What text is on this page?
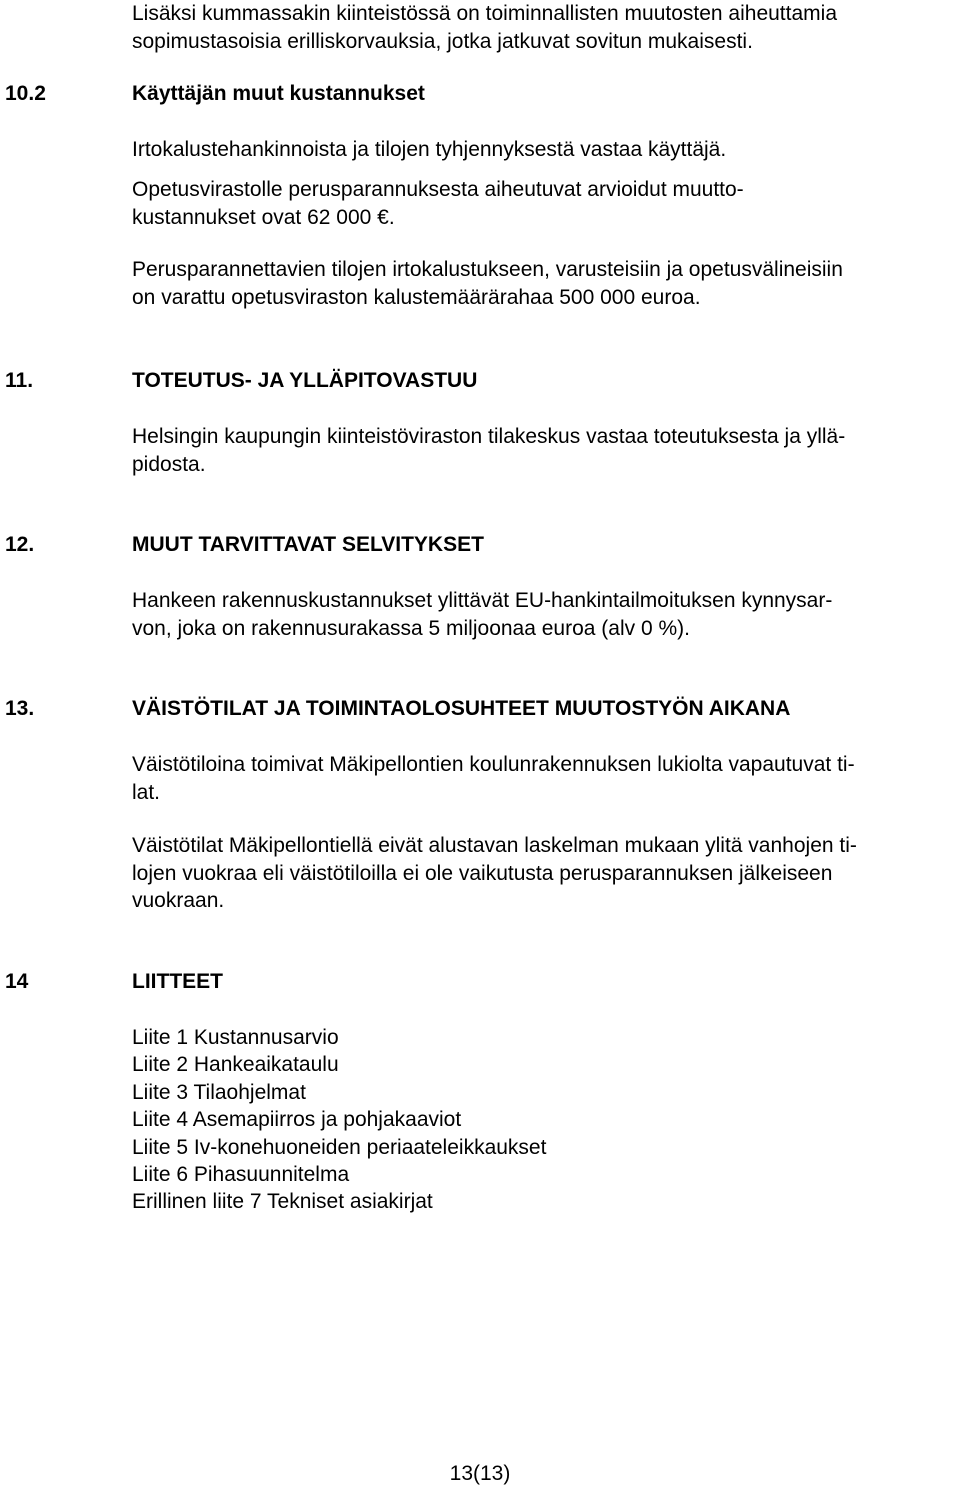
Lisäksi kummassakin kiinteistössä on toiminnallisten muutosten aiheuttamia
sopimustasoisia erilliskorvauksia, jotka jatkuvat sovitun mukaisesti.

10.2	Käyttäjän muut kustannukset

Irtokalustehankinnoista ja tilojen tyhjennyksestä vastaa käyttäjä.

Opetusvirastolle perusparannuksesta aiheutuvat arvioidut muutto-
kustannukset ovat 62 000 €.

Perusparannettavien tilojen irtokalustukseen, varusteisiin ja opetusvälineisiin
on varattu opetusviraston kalustemäärärahaa 500 000 euroa.

11.	TOTEUTUS- JA YLLÄPITOVASTUU

Helsingin kaupungin kiinteistöviraston tilakeskus vastaa toteutuksesta ja yllä-
pidosta.

12.	MUUT TARVITTAVAT SELVITYKSET

Hankeen rakennuskustannukset ylittävät EU-hankintailmoituksen kynnysar-
von, joka on rakennusurakassa 5 miljoonaa euroa (alv 0 %).

13.	VÄISTÖTILAT JA TOIMINTAOLOSUHTEET MUUTOSTYÖN AIKANA

Väistötiloina toimivat Mäkipellontien koulunrakennuksen lukiolta vapautuvat ti-
lat.

Väistötilat Mäkipellontiellä eivät alustavan laskelman mukaan ylitä vanhojen ti-
lojen vuokraa eli väistötiloilla ei ole vaikutusta perusparannuksen jälkeiseen
vuokraan.

14	LIITTEET
Liite 1 Kustannusarvio
Liite 2 Hankeaikataulu
Liite 3 Tilaohjelmat
Liite 4 Asemapiirros ja pohjakaaviot
Liite 5 Iv-konehuoneiden periaateleikkaukset
Liite 6 Pihasuunnitelma
Erillinen liite 7 Tekniset asiakirjat
13(13)
